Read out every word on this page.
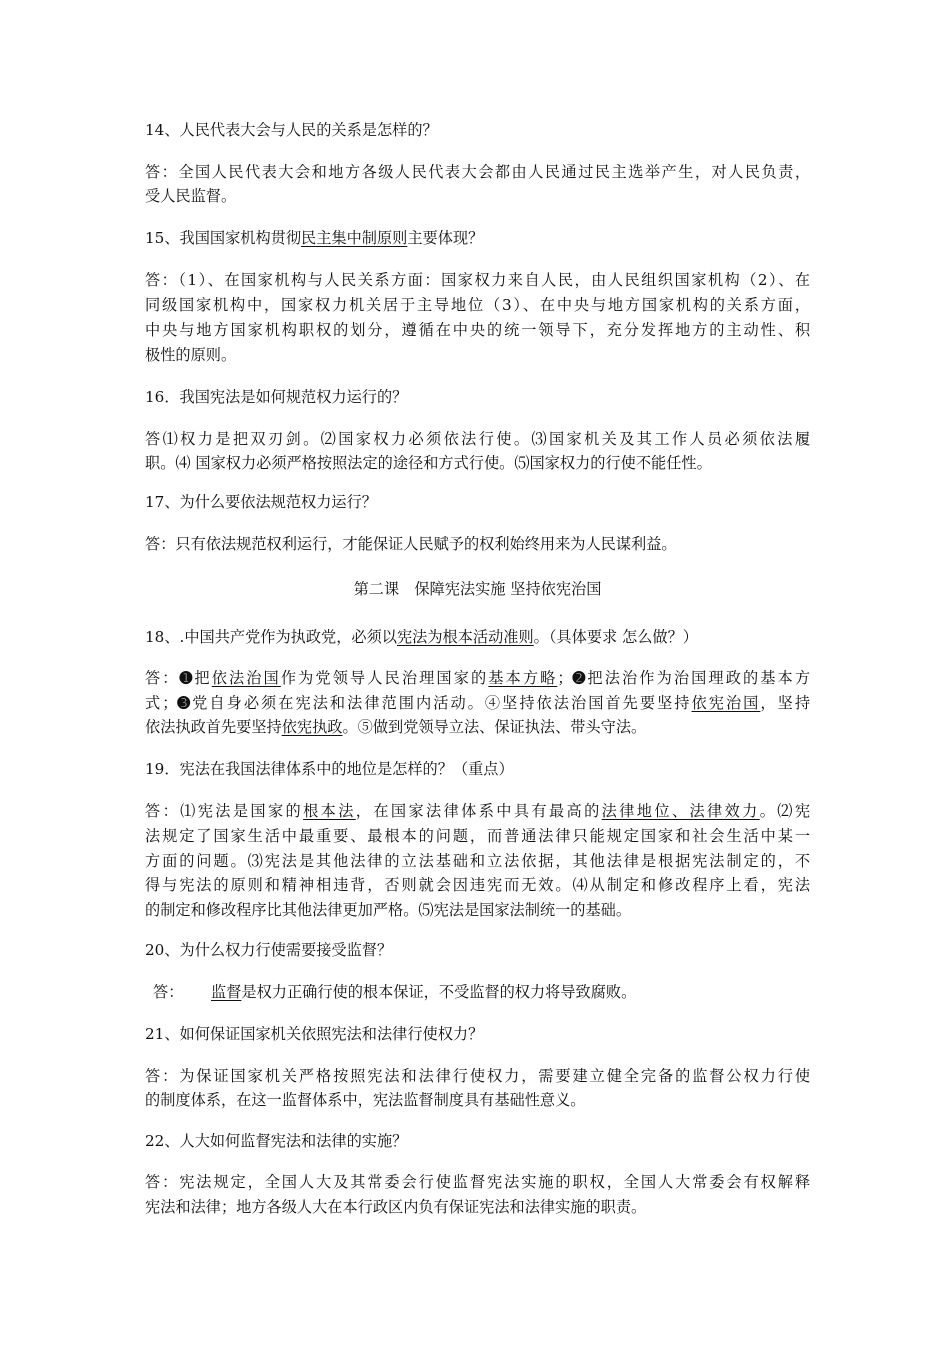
14、人民代表大会与人民的关系是怎样的？
答：全国人民代表大会和地方各级人民代表大会都由人民通过民主选举产生，对人民负责，
受人民监督。
15、我国国家机构贯彻民主集中制原则主要体现？
答：（1）、在国家机构与人民关系方面：国家权力来自人民，由人民组织国家机构（2）、在
同级国家机构中，国家权力机关居于主导地位（3）、在中央与地方国家机构的关系方面，
中央与地方国家机构职权的划分，遵循在中央的统一领导下，充分发挥地方的主动性、积
极性的原则。
16．我国宪法是如何规范权力运行的？
答⑴权力是把双刃剑。⑵国家权力必须依法行使。⑶国家机关及其工作人员必须依法履
职。⑷ 国家权力必须严格按照法定的途径和方式行使。⑸国家权力的行使不能任性。
17、为什么要依法规范权力运行？
答：只有依法规范权利运行，才能保证人民赋予的权利始终用来为人民谋利益。
第二课　保障宪法实施 坚持依宪治国
18、.中国共产党作为执政党，必须以宪法为根本活动准则。（具体要求 怎么做？）
答：➊把依法治国作为党领导人民治理国家的基本方略；➋把法治作为治国理政的基本方
式；➌党自身必须在宪法和法律范围内活动。④坚持依法治国首先要坚持依宪治国，坚持
依法执政首先要坚持依宪执政。⑤做到党领导立法、保证执法、带头守法。
19．宪法在我国法律体系中的地位是怎样的？（重点）
答：⑴宪法是国家的根本法，在国家法律体系中具有最高的法律地位、法律效力。⑵宪
法规定了国家生活中最重要、最根本的问题，而普通法律只能规定国家和社会生活中某一
方面的问题。⑶宪法是其他法律的立法基础和立法依据，其他法律是根据宪法制定的，不
得与宪法的原则和精神相违背，否则就会因违宪而无效。⑷从制定和修改程序上看，宪法
的制定和修改程序比其他法律更加严格。⑸宪法是国家法制统一的基础。
20、为什么权力行使需要接受监督？
答： 监督是权力正确行使的根本保证，不受监督的权力将导致腐败。
21、如何保证国家机关依照宪法和法律行使权力？
答：为保证国家机关严格按照宪法和法律行使权力，需要建立健全完备的监督公权力行使
的制度体系，在这一监督体系中，宪法监督制度具有基础性意义。
22、人大如何监督宪法和法律的实施？
答：宪法规定，全国人大及其常委会行使监督宪法实施的职权，全国人大常委会有权解释
宪法和法律；地方各级人大在本行政区内负有保证宪法和法律实施的职责。
